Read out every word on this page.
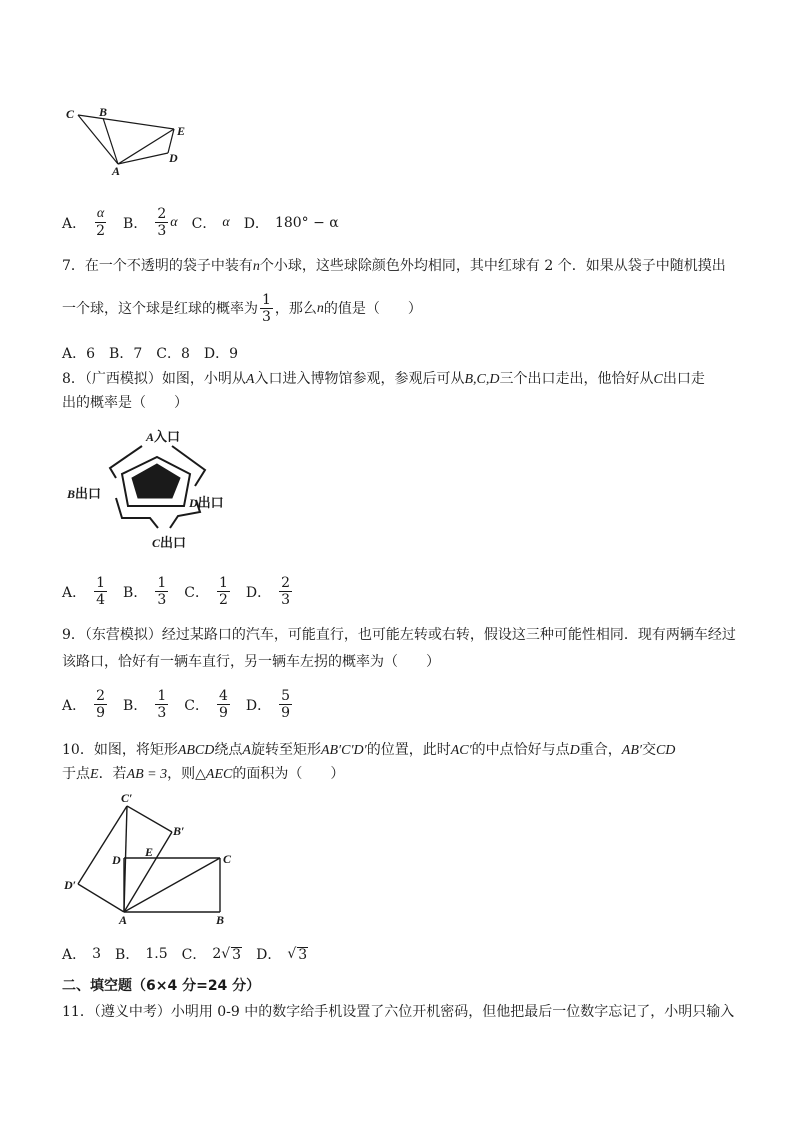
C B
E
A
D
A． $\frac{\alpha}{2}$ B． $\frac{2}{3}$ α C． α D． 180° − α
7．在一个不透明的袋子中装有n个小球，这些球除颜色外均相同，其中红球有 2 个．如果从袋子中随机摸出
一个球，这个球是红球的概率为 $\frac{1}{3}$ ，那么 n 的值是（　　）
A．6 B．7 C．8 D．9
8．（广西模拟）如图，小明从A入口进入博物馆参观，参观后可从B,C,D三个出口走出，他恰好从C出口走
出的概率是（　　）
A入口
B出口
D出口
C出口
A． $\frac{1}{4}$ B． $\frac{1}{3}$ C． $\frac{1}{2}$ D． $\frac{2}{3}$
9．（东营模拟）经过某路口的汽车，可能直行，也可能左转或右转，假设这三种可能性相同．现有两辆车经过
该路口，恰好有一辆车直行，另一辆车左拐的概率为（　　）
A． $\frac{2}{9}$ B． $\frac{1}{3}$ C． $\frac{4}{9}$ D． $\frac{5}{9}$
10．如图，将矩形ABCD绕点A旋转至矩形AB′C′D′的位置，此时AC′的中点恰好与点D重合，AB′交CD
于点E．若AB = 3，则△AEC的面积为（　　）
C′
B′
D
E	C
D′
A	B
A． 3 B． 1.5 C． 2 √ 3 D． √ 3
二、填空题（6×4 分=24 分）
11．（遵义中考）小明用 0-9 中的数字给手机设置了六位开机密码，但他把最后一位数字忘记了，小明只输入
